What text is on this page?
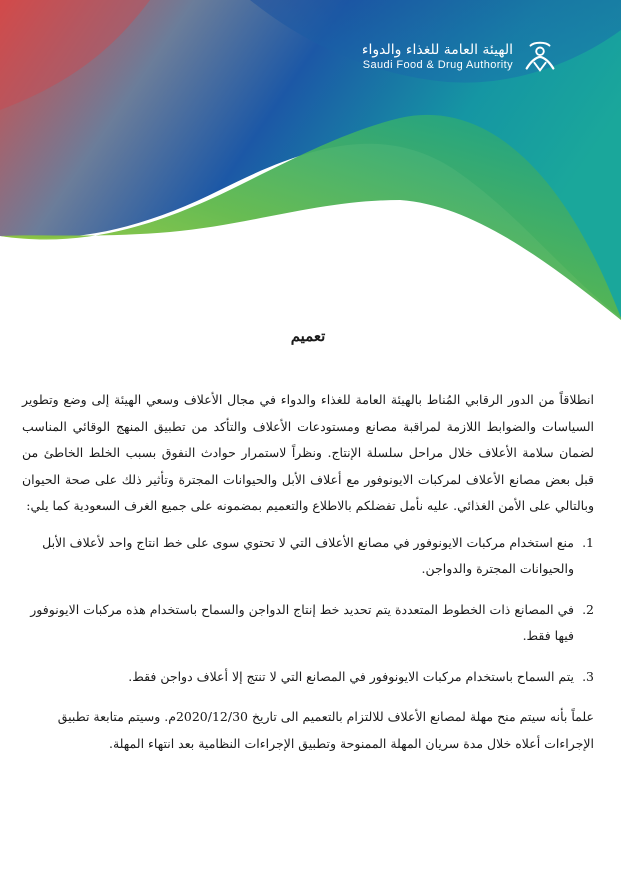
الهيئة العامة للغذاء والدواء
Saudi Food & Drug Authority
تعميم

انطلاقاً من الدور الرقابي المُناط بالهيئة العامة للغذاء والدواء في مجال الأعلاف وسعي الهيئة إلى وضع وتطوير السياسات والضوابط اللازمة لمراقبة مصانع ومستودعات الأعلاف والتأكد من تطبيق المنهج الوقائي المناسب لضمان سلامة الأعلاف خلال مراحل سلسلة الإنتاج. ونظراً لاستمرار حوادث النفوق بسبب الخلط الخاطئ من قبل بعض مصانع الأعلاف لمركبات الايونوفور مع أعلاف الأبل والحيوانات المجترة وتأثير ذلك على صحة الحيوان وبالتالي على الأمن الغذائي. عليه نأمل تفضلكم بالاطلاع والتعميم بمضمونه على جميع الغرف السعودية كما يلي:

1.
منع استخدام مركبات الايونوفور في مصانع الأعلاف التي لا تحتوي سوى على خط انتاج واحد لأعلاف الأبل والحيوانات المجترة والدواجن.
2.
في المصانع ذات الخطوط المتعددة يتم تحديد خط إنتاج الدواجن والسماح باستخدام هذه مركبات الايونوفور فيها فقط.
3.
يتم السماح باستخدام مركبات الايونوفور في المصانع التي لا تنتج إلا أعلاف دواجن فقط.

علماً بأنه سيتم منح مهلة لمصانع الأعلاف للالتزام بالتعميم الى تاريخ 2020/12/30م. وسيتم متابعة تطبيق الإجراءات أعلاه خلال مدة سريان المهلة الممنوحة وتطبيق الإجراءات النظامية بعد انتهاء المهلة.
